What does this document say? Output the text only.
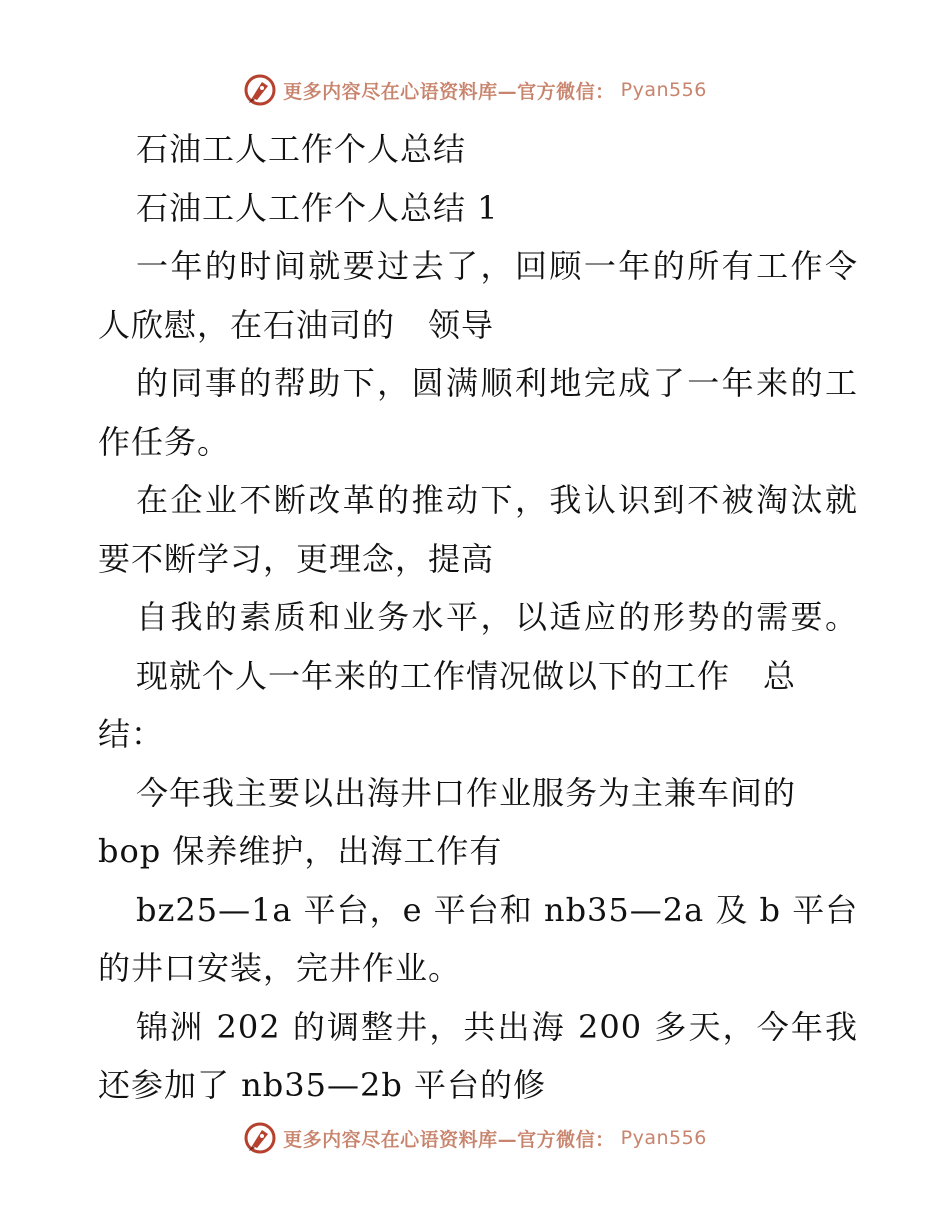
更多内容尽在心语资料库—官方微信： Pyan556
石油工人工作个人总结
石油工人工作个人总结 1
一年的时间就要过去了，回顾一年的所有工作令
人欣慰，在石油司的　领导
的同事的帮助下，圆满顺利地完成了一年来的工
作任务。
在企业不断改革的推动下，我认识到不被淘汰就
要不断学习，更理念，提高
自我的素质和业务水平，以适应的形势的需要。
现就个人一年来的工作情况做以下的工作　总
结：
今年我主要以出海井口作业服务为主兼车间的
bop 保养维护，出海工作有
bz25—1a 平台，e 平台和 nb35—2a 及 b 平台
的井口安装，完井作业。
锦洲 202 的调整井，共出海 200 多天，今年我
还参加了 nb35—2b 平台的修
更多内容尽在心语资料库—官方微信： Pyan556
